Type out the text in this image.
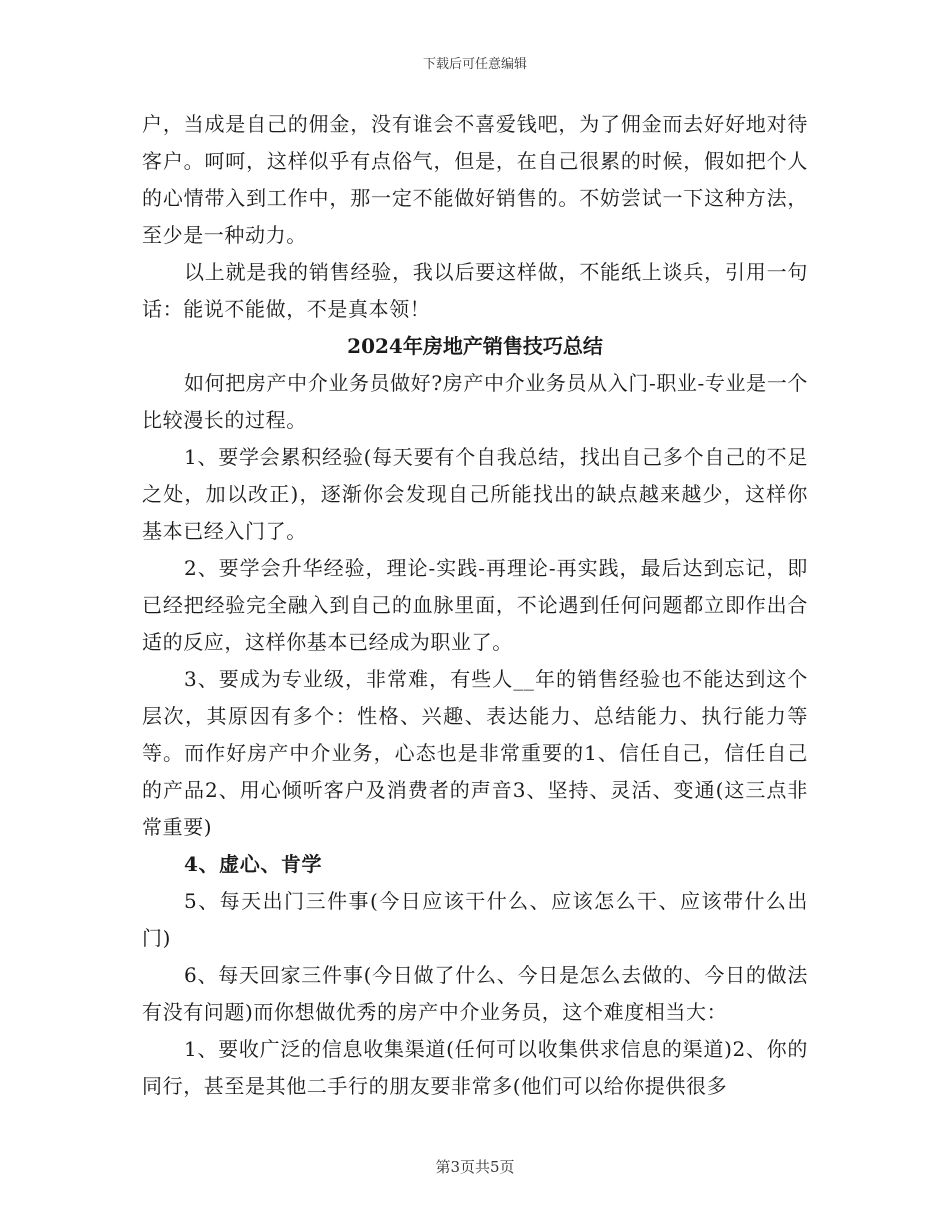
下载后可任意编辑

户，当成是自己的佣金，没有谁会不喜爱钱吧，为了佣金而去好好地对待客户。呵呵，这样似乎有点俗气，但是，在自己很累的时候，假如把个人的心情带入到工作中，那一定不能做好销售的。不妨尝试一下这种方法，至少是一种动力。

以上就是我的销售经验，我以后要这样做，不能纸上谈兵，引用一句话：能说不能做，不是真本领！

2024年房地产销售技巧总结

如何把房产中介业务员做好?房产中介业务员从入门-职业-专业是一个比较漫长的过程。

1、要学会累积经验(每天要有个自我总结，找出自己多个自己的不足之处，加以改正)，逐渐你会发现自己所能找出的缺点越来越少，这样你基本已经入门了。

2、要学会升华经验，理论-实践-再理论-再实践，最后达到忘记，即已经把经验完全融入到自己的血脉里面，不论遇到任何问题都立即作出合适的反应，这样你基本已经成为职业了。

3、要成为专业级，非常难，有些人__年的销售经验也不能达到这个层次，其原因有多个：性格、兴趣、表达能力、总结能力、执行能力等等。而作好房产中介业务，心态也是非常重要的1、信任自己，信任自己的产品2、用心倾听客户及消费者的声音3、坚持、灵活、变通(这三点非常重要)

4、虚心、肯学

5、每天出门三件事(今日应该干什么、应该怎么干、应该带什么出门)

6、每天回家三件事(今日做了什么、今日是怎么去做的、今日的做法有没有问题)而你想做优秀的房产中介业务员，这个难度相当大：

1、要收广泛的信息收集渠道(任何可以收集供求信息的渠道)2、你的同行，甚至是其他二手行的朋友要非常多(他们可以给你提供很多

第3页共5页
